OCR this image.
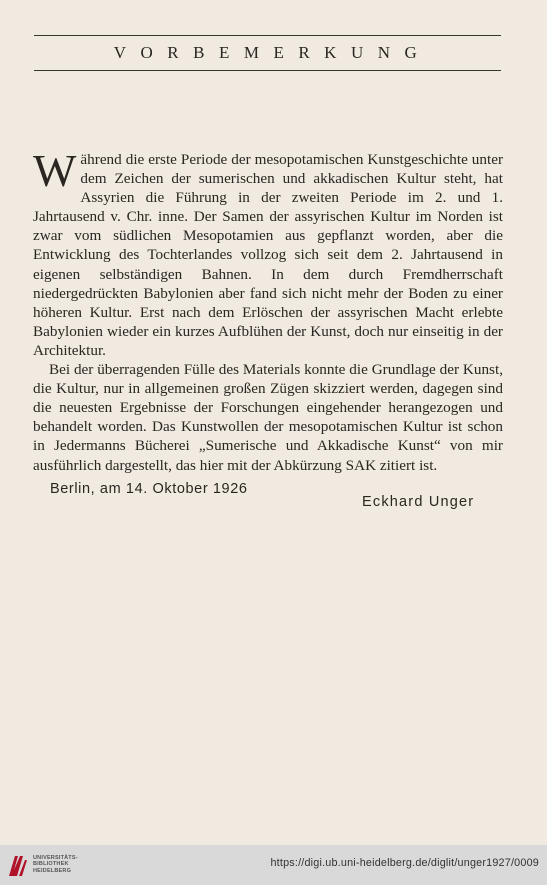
VORBEMERKUNG

Während die erste Periode der mesopotamischen Kunstgeschichte unter dem Zeichen der sumerischen und akkadischen Kultur steht, hat Assyrien die Führung in der zweiten Periode im 2. und 1. Jahrtausend v. Chr. inne. Der Samen der assyrischen Kultur im Norden ist zwar vom südlichen Mesopotamien aus gepflanzt worden, aber die Entwicklung des Tochterlandes vollzog sich seit dem 2. Jahrtausend in eigenen selbständigen Bahnen. In dem durch Fremdherrschaft niedergedrückten Babylonien aber fand sich nicht mehr der Boden zu einer höheren Kultur. Erst nach dem Erlöschen der assyrischen Macht erlebte Babylonien wieder ein kurzes Aufblühen der Kunst, doch nur einseitig in der Architektur.

Bei der überragenden Fülle des Materials konnte die Grundlage der Kunst, die Kultur, nur in allgemeinen großen Zügen skizziert werden, dagegen sind die neuesten Ergebnisse der Forschungen eingehender herangezogen und behandelt worden. Das Kunstwollen der mesopotamischen Kultur ist schon in Jedermanns Bücherei „Sumerische und Akkadische Kunst“ von mir ausführlich dargestellt, das hier mit der Abkürzung SAK zitiert ist.

Berlin, am 14. Oktober 1926
Eckhard Unger
UNIVERSITÄTS-
BIBLIOTHEK
HEIDELBERG
https://digi.ub.uni-heidelberg.de/diglit/unger1927/0009
